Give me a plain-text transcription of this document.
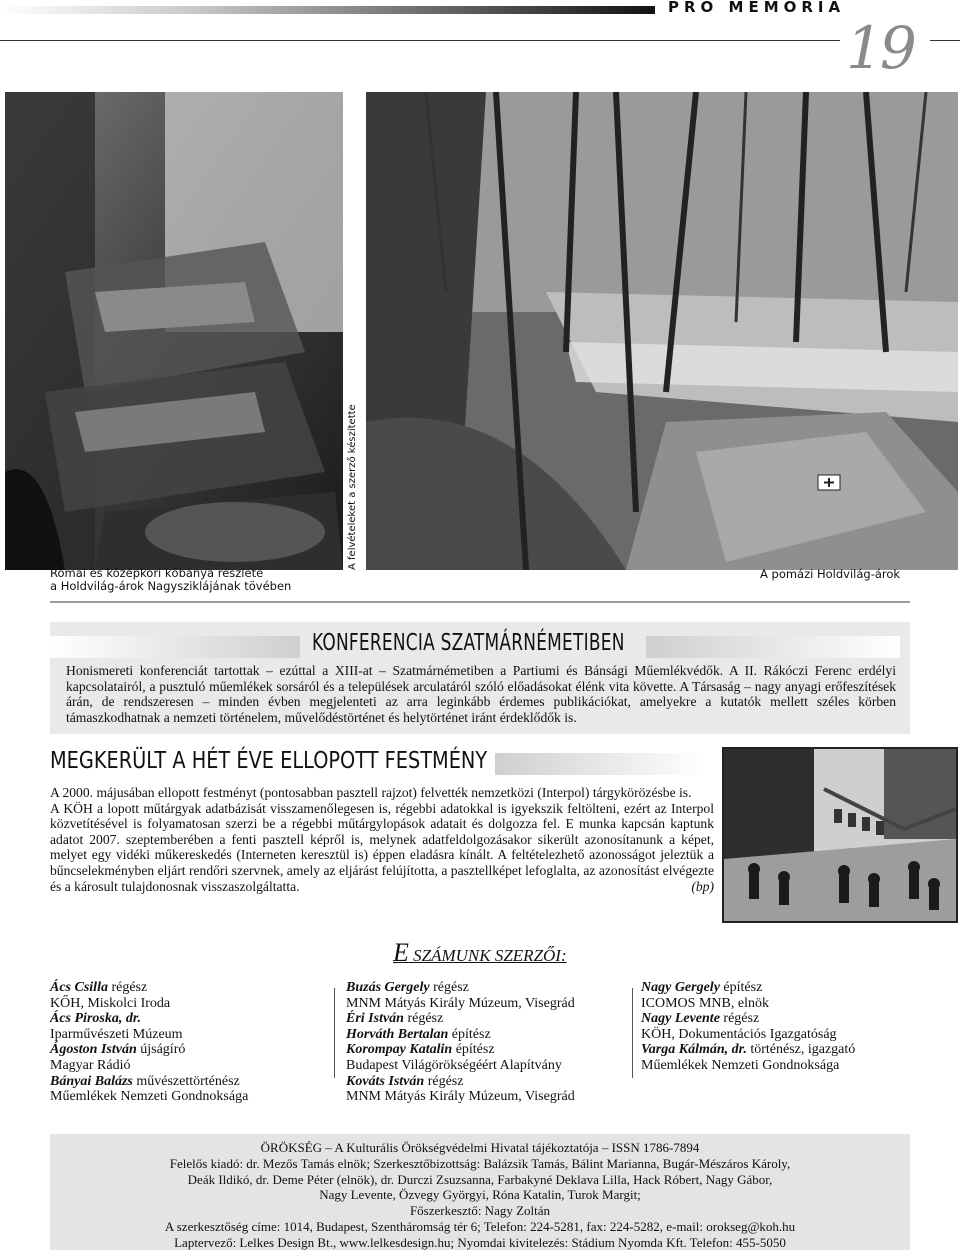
PRO MEMORIA
19
A felvételeket a szerző készítette
Római és középkori kőbánya részlete
a Holdvilág-árok Nagysziklájának tövében
A pomázi Holdvilág-árok
KONFERENCIA SZATMÁRNÉMETIBEN
Honismereti konferenciát tartottak – ezúttal a XIII-at – Szatmárnémetiben a Partiumi és Bánsági Műemlékvédők. A II. Rákóczi Ferenc erdélyi kapcsolatairól, a pusztuló műemlékek sorsáról és a települések arculatáról szóló előadásokat élénk vita követte. A Társaság – nagy anyagi erőfeszítések árán, de rendszeresen – minden évben megjelenteti az arra leginkább érdemes publikációkat, amelyekre a kutatók mellett széles körben támaszkodhatnak a nemzeti történelem, művelődéstörténet és helytörténet iránt érdeklődők is.
MEGKERÜLT A HÉT ÉVE ELLOPOTT FESTMÉNY
A 2000. májusában ellopott festményt (pontosabban pasztell rajzot) felvették nemzetközi (Interpol) tárgykörözésbe is.
A KÖH a lopott műtárgyak adatbázisát visszamenőlegesen is, régebbi adatokkal is igyekszik feltölteni, ezért az Interpol közvetítésével is folyamatosan szerzi be a régebbi műtárgylopások adatait és dolgozza fel. E munka kapcsán kaptunk adatot 2007. szeptemberében a fenti pasztell képről is, melynek adatfeldolgozásakor sikerült azonosítanunk a képet, melyet egy vidéki műkereskedés (Interneten keresztül is) éppen eladásra kínált. A feltételezhető azonosságot jeleztük a bűncselekményben eljárt rendőri szervnek, amely az eljárást felújította, a pasztellképet lefoglalta, az azonosítást elvégezte és a károsult tulajdonosnak visszaszolgáltatta.	(bp)
E SZÁMUNK SZERZŐI:
Ács Csilla régész
KŐH, Miskolci Iroda
Ács Piroska, dr.
Iparművészeti Múzeum
Ágoston István újságíró
Magyar Rádió
Bányai Balázs művészettörténész
Műemlékek Nemzeti Gondnoksága
Buzás Gergely régész
MNM Mátyás Király Múzeum, Visegrád
Éri István régész
Horváth Bertalan építész
Korompay Katalin építész
Budapest Világörökségéért Alapítvány
Kováts István régész
MNM Mátyás Király Múzeum, Visegrád
Nagy Gergely építész
ICOMOS MNB, elnök
Nagy Levente régész
KÖH, Dokumentációs Igazgatóság
Varga Kálmán, dr. történész, igazgató
Műemlékek Nemzeti Gondnoksága
ÖRÖKSÉG – A Kulturális Örökségvédelmi Hivatal tájékoztatója – ISSN 1786-7894
Felelős kiadó: dr. Mezős Tamás elnök; Szerkesztőbizottság: Balázsik Tamás, Bálint Marianna, Bugár-Mészáros Károly,
Deák Ildikó, dr. Deme Péter (elnök), dr. Durczi Zsuzsanna, Farbakyné Deklava Lilla, Hack Róbert, Nagy Gábor,
Nagy Levente, Özvegy Györgyi, Róna Katalin, Turok Margit;
Főszerkesztő: Nagy Zoltán
A szerkesztőség címe: 1014, Budapest, Szentháromság tér 6; Telefon: 224-5281, fax: 224-5282, e-mail: orokseg@koh.hu
Laptervező: Lelkes Design Bt., www.lelkesdesign.hu; Nyomdai kivitelezés: Stádium Nyomda Kft. Telefon: 455-5050
